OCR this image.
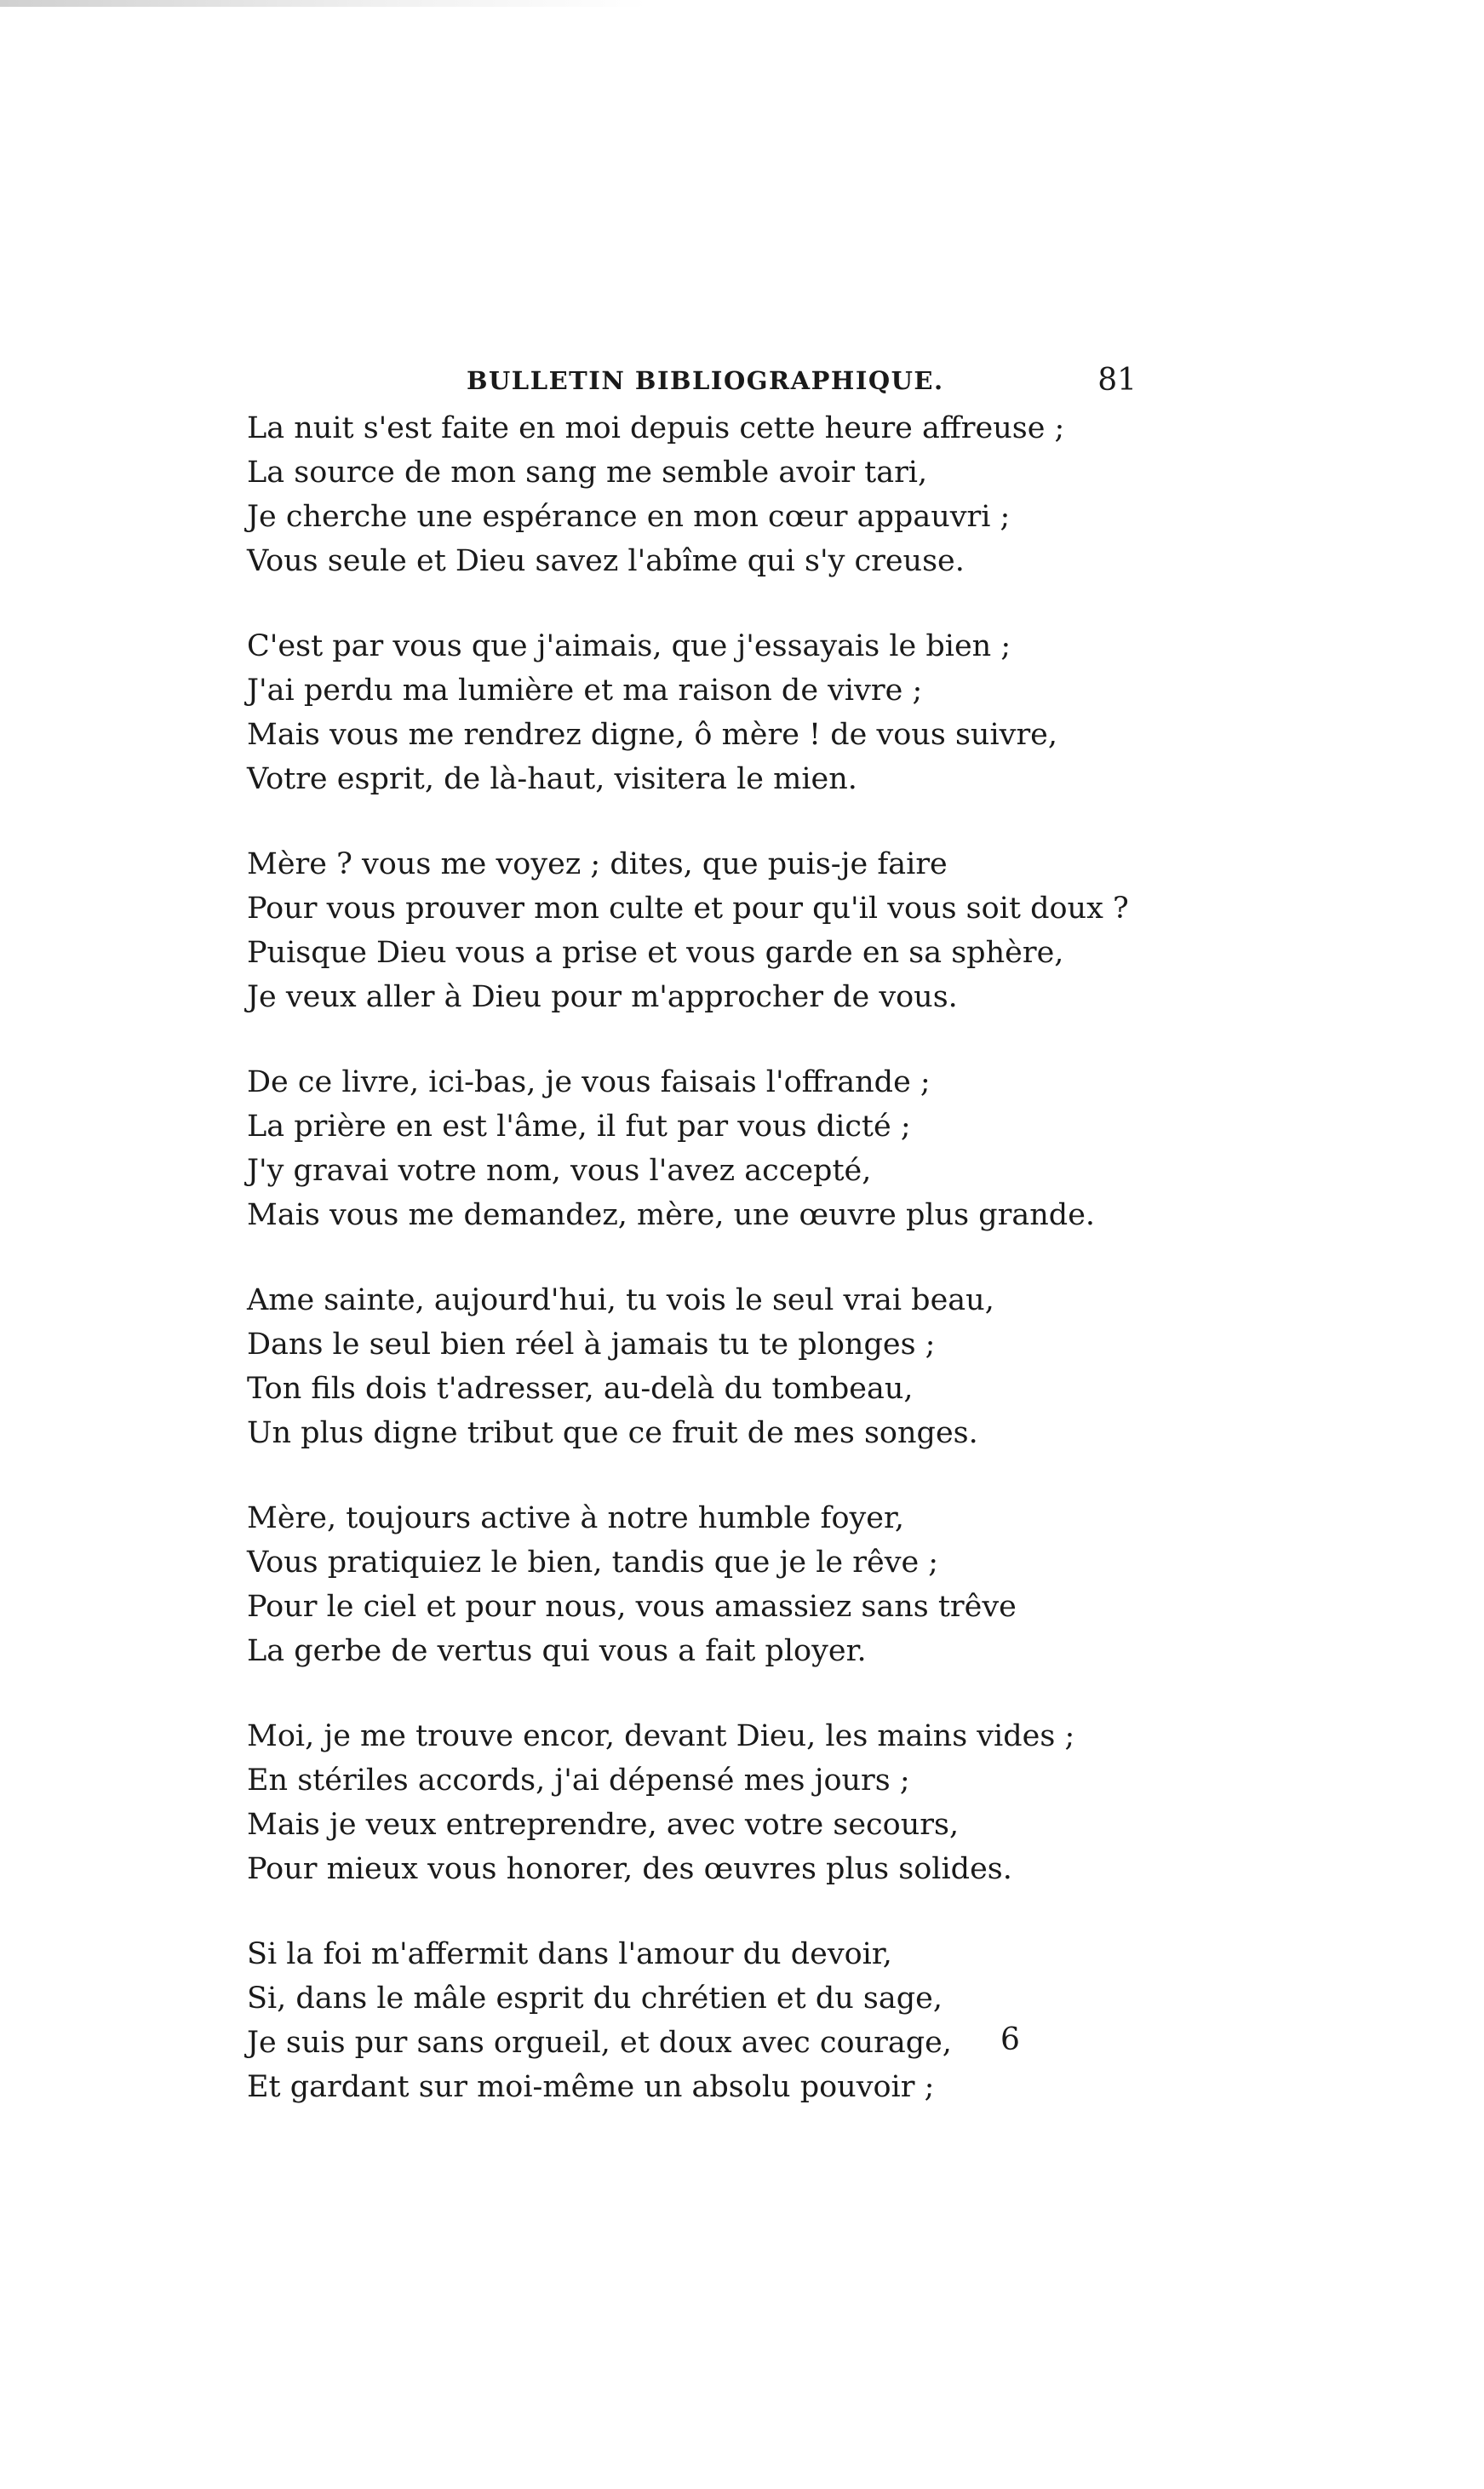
BULLETIN BIBLIOGRAPHIQUE.	81
La nuit s'est faite en moi depuis cette heure affreuse ;
La source de mon sang me semble avoir tari,
Je cherche une espérance en mon cœur appauvri ;
Vous seule et Dieu savez l'abîme qui s'y creuse.
C'est par vous que j'aimais, que j'essayais le bien ;
J'ai perdu ma lumière et ma raison de vivre ;
Mais vous me rendrez digne, ô mère ! de vous suivre,
Votre esprit, de là-haut, visitera le mien.
Mère ? vous me voyez ; dites, que puis-je faire
Pour vous prouver mon culte et pour qu'il vous soit doux ?
Puisque Dieu vous a prise et vous garde en sa sphère,
Je veux aller à Dieu pour m'approcher de vous.
De ce livre, ici-bas, je vous faisais l'offrande ;
La prière en est l'âme, il fut par vous dicté ;
J'y gravai votre nom, vous l'avez accepté,
Mais vous me demandez, mère, une œuvre plus grande.
Ame sainte, aujourd'hui, tu vois le seul vrai beau,
Dans le seul bien réel à jamais tu te plonges ;
Ton fils dois t'adresser, au-delà du tombeau,
Un plus digne tribut que ce fruit de mes songes.
Mère, toujours active à notre humble foyer,
Vous pratiquiez le bien, tandis que je le rêve ;
Pour le ciel et pour nous, vous amassiez sans trêve
La gerbe de vertus qui vous a fait ployer.
Moi, je me trouve encor, devant Dieu, les mains vides ;
En stériles accords, j'ai dépensé mes jours ;
Mais je veux entreprendre, avec votre secours,
Pour mieux vous honorer, des œuvres plus solides.
Si la foi m'affermit dans l'amour du devoir,
Si, dans le mâle esprit du chrétien et du sage,
Je suis pur sans orgueil, et doux avec courage,
Et gardant sur moi-même un absolu pouvoir ;
6
